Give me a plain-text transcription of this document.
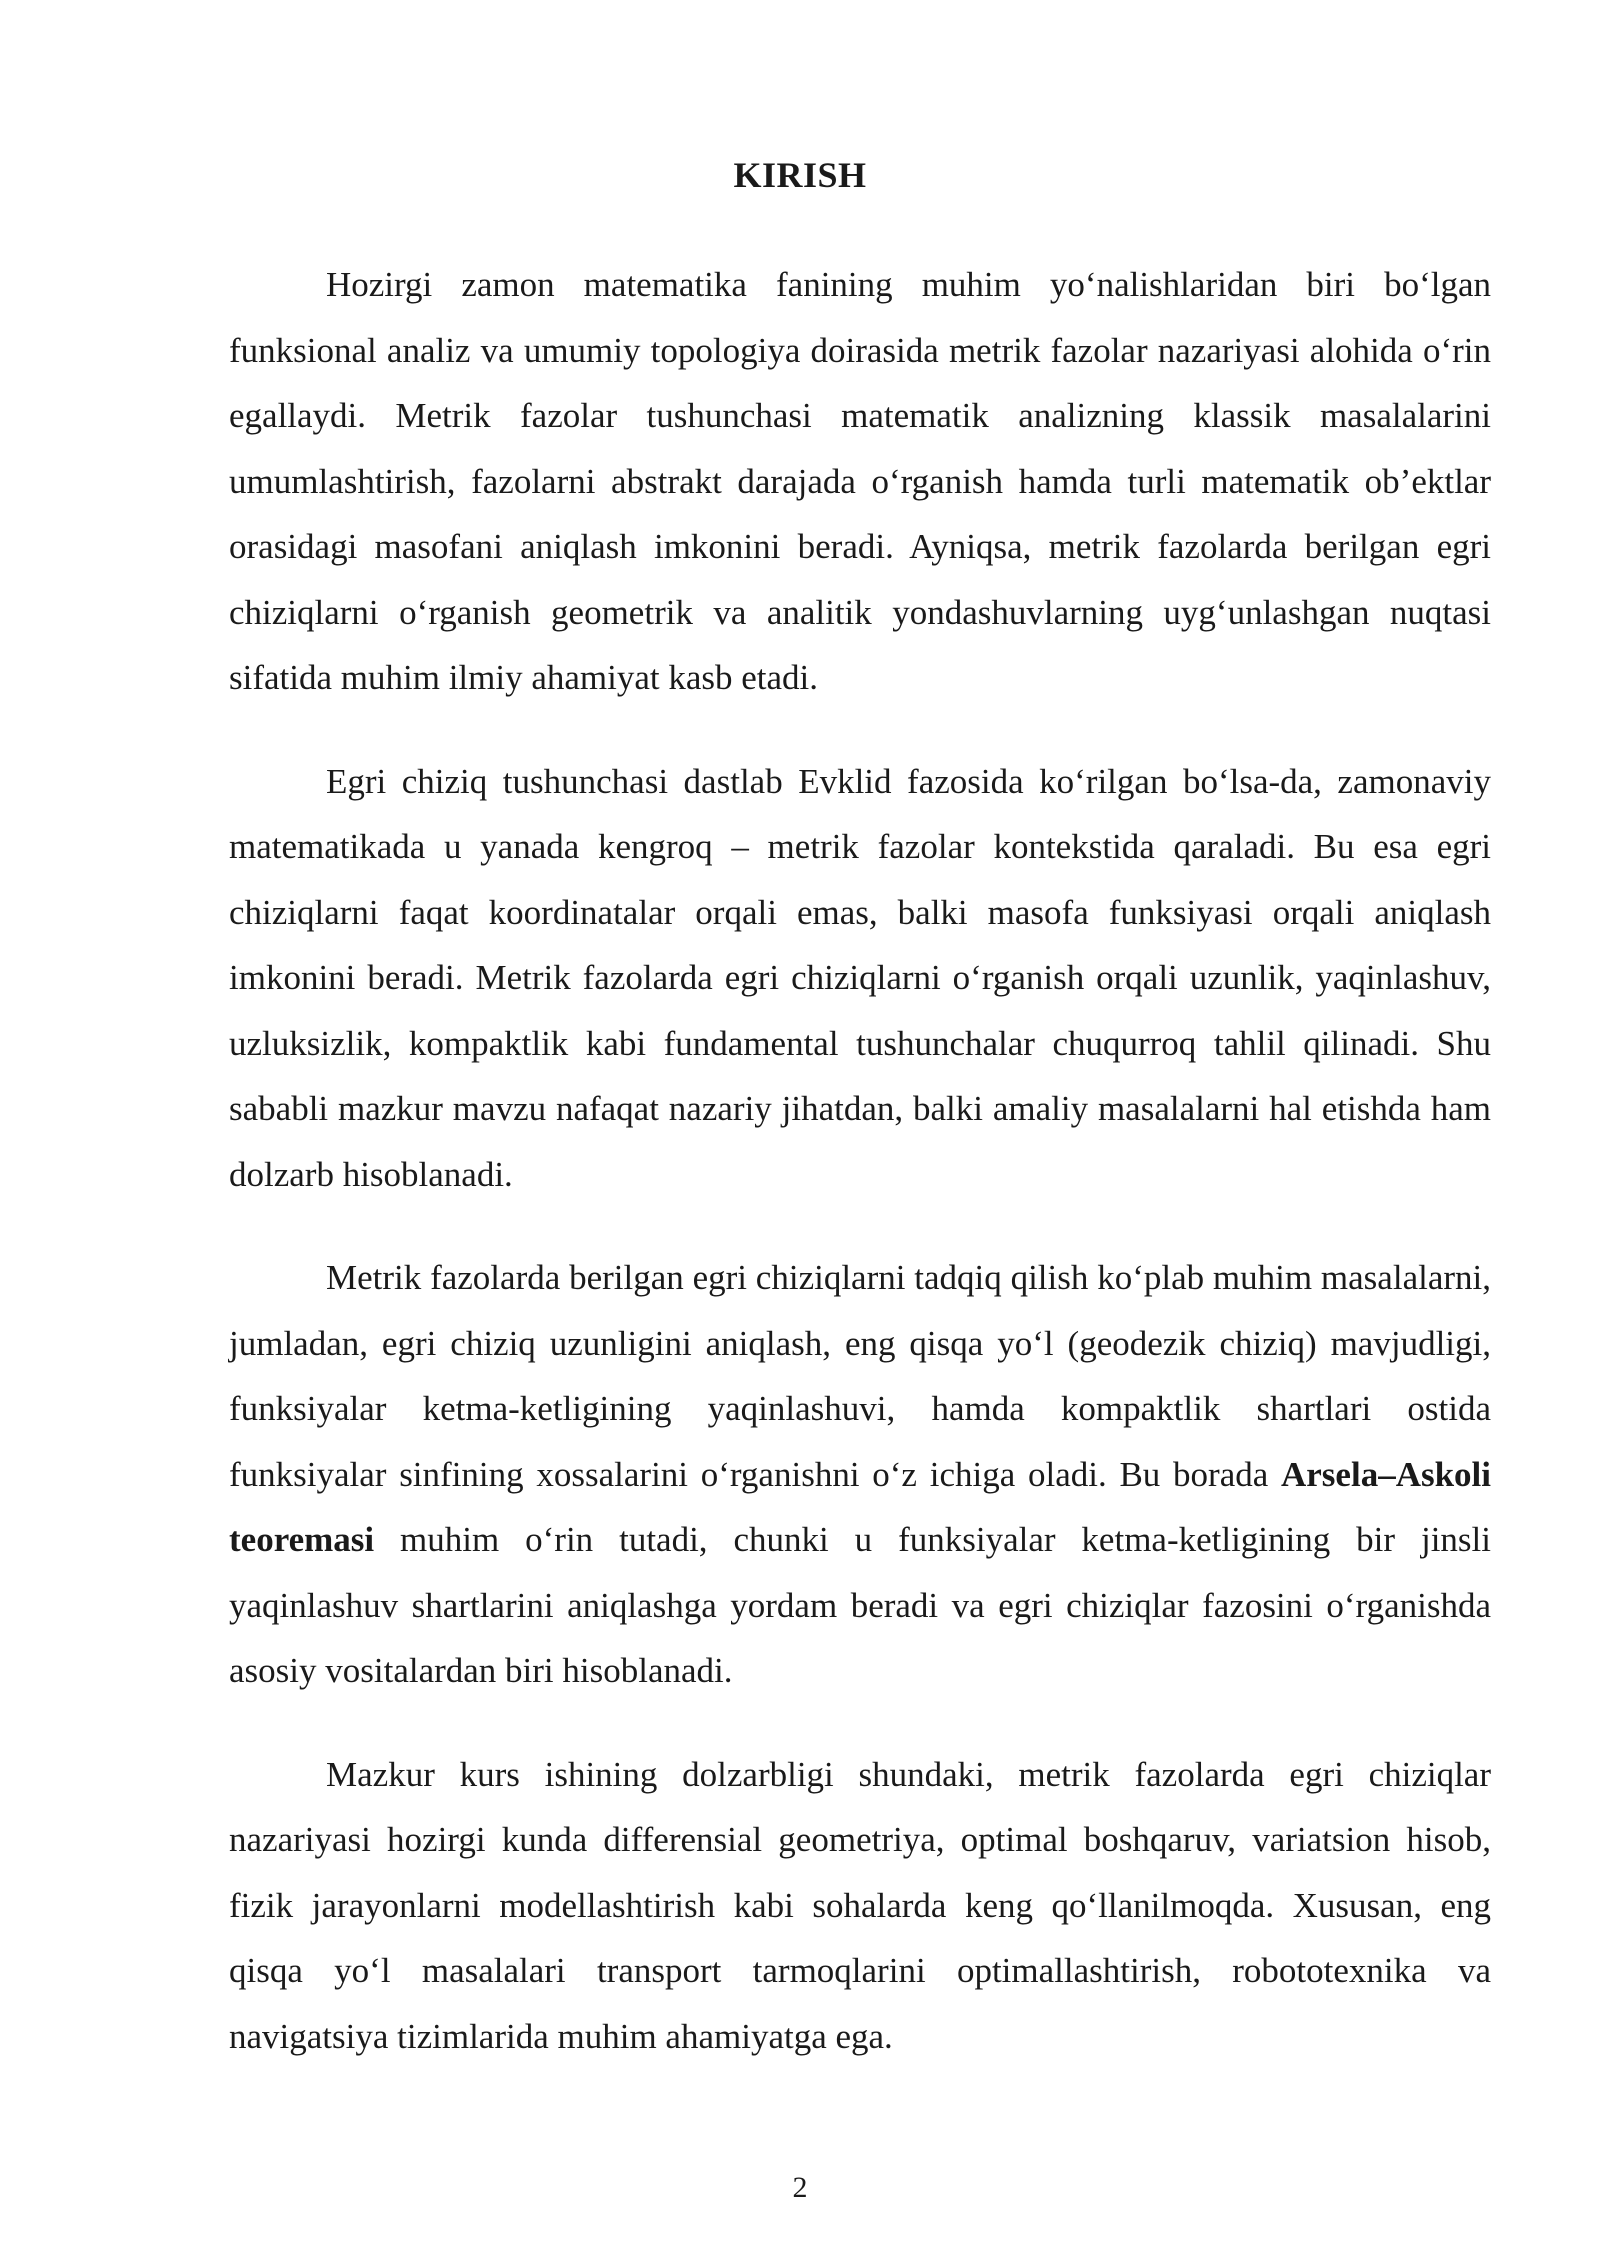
KIRISH

Hozirgi zamon matematika fanining muhim yo‘nalishlaridan biri bo‘lgan funksional analiz va umumiy topologiya doirasida metrik fazolar nazariyasi alohida o‘rin egallaydi. Metrik fazolar tushunchasi matematik analizning klassik masalalarini umumlashtirish, fazolarni abstrakt darajada o‘rganish hamda turli matematik ob’ektlar orasidagi masofani aniqlash imkonini beradi. Ayniqsa, metrik fazolarda berilgan egri chiziqlarni o‘rganish geometrik va analitik yondashuvlarning uyg‘unlashgan nuqtasi sifatida muhim ilmiy ahamiyat kasb etadi.

Egri chiziq tushunchasi dastlab Evklid fazosida ko‘rilgan bo‘lsa-da, zamonaviy matematikada u yanada kengroq – metrik fazolar kontekstida qaraladi. Bu esa egri chiziqlarni faqat koordinatalar orqali emas, balki masofa funksiyasi orqali aniqlash imkonini beradi. Metrik fazolarda egri chiziqlarni o‘rganish orqali uzunlik, yaqinlashuv, uzluksizlik, kompaktlik kabi fundamental tushunchalar chuqurroq tahlil qilinadi. Shu sababli mazkur mavzu nafaqat nazariy jihatdan, balki amaliy masalalarni hal etishda ham dolzarb hisoblanadi.

Metrik fazolarda berilgan egri chiziqlarni tadqiq qilish ko‘plab muhim masalalarni, jumladan, egri chiziq uzunligini aniqlash, eng qisqa yo‘l (geodezik chiziq) mavjudligi, funksiyalar ketma-ketligining yaqinlashuvi, hamda kompaktlik shartlari ostida funksiyalar sinfining xossalarini o‘rganishni o‘z ichiga oladi. Bu borada Arsela–Askoli teoremasi muhim o‘rin tutadi, chunki u funksiyalar ketma-ketligining bir jinsli yaqinlashuv shartlarini aniqlashga yordam beradi va egri chiziqlar fazosini o‘rganishda asosiy vositalardan biri hisoblanadi.

Mazkur kurs ishining dolzarbligi shundaki, metrik fazolarda egri chiziqlar nazariyasi hozirgi kunda differensial geometriya, optimal boshqaruv, variatsion hisob, fizik jarayonlarni modellashtirish kabi sohalarda keng qo‘llanilmoqda. Xususan, eng qisqa yo‘l masalalari transport tarmoqlarini optimallashtirish, robototexnika va navigatsiya tizimlarida muhim ahamiyatga ega.

2
